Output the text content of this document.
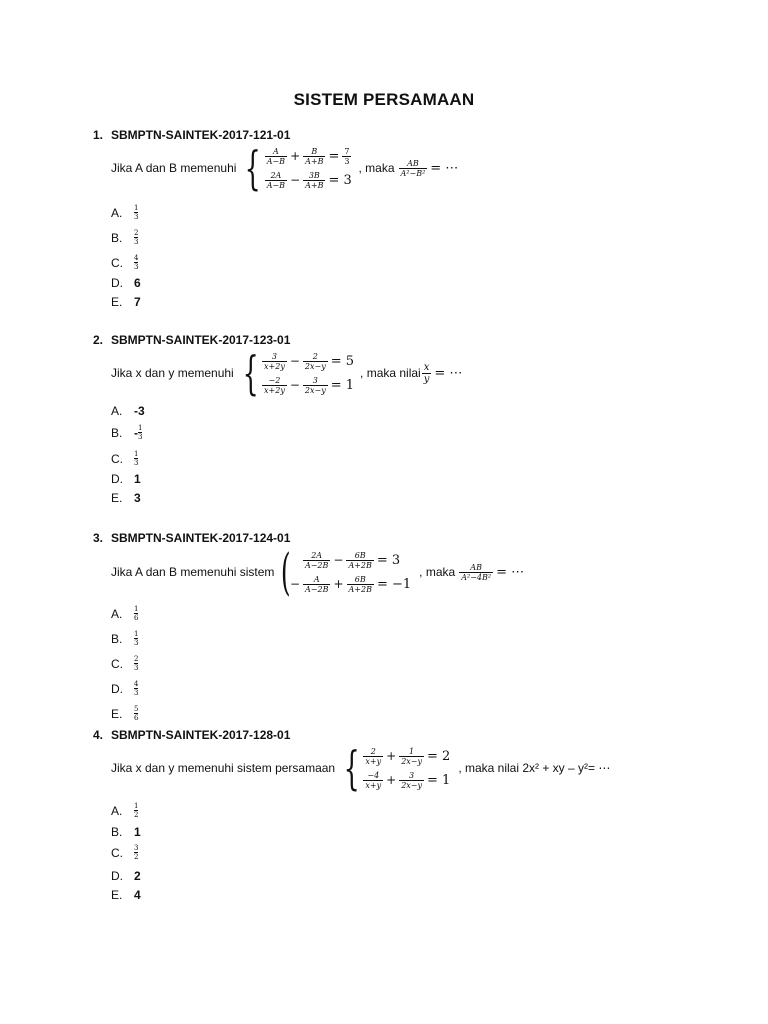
SISTEM PERSAMAAN
1. SBMPTN-SAINTEK-2017-121-01
Jika A dan B memenuhi { $\frac{A}{A-B} + \frac{B}{A+B} = \frac{7}{3}$
$\frac{2A}{A-B} - \frac{3B}{A+B} = 3$
, maka $\frac{AB}{\text{A²−B²}}$ = ⋯
A.	1
3
B.	2
3
C.	4
3
D. 6
E. 7
2. SBMPTN-SAINTEK-2017-123-01
Jika x dan y memenuhi { $\frac{3}{x+2y} - \frac{2}{2x-y} = 5$
$\frac{-2}{x+2y} - \frac{3}{2x-y} = 1$
, maka nilai $\frac{x}{y}$ = ⋯
A. -3
B. - 1
3
C.	1
3
D. 1
E. 3
3. SBMPTN-SAINTEK-2017-124-01
Jika A dan B memenuhi sistem ( $\frac{2A}{A-2B} - \frac{6B}{A+2B} = 3$
− $\frac{A}{A-2B} + \frac{6B}{A+2B} = -1$
, maka $\frac{AB}{\text{A²−4B²}}$ = ⋯
A.	1
6
B.	1
3
C.	2
3
D.	4
3
E.	5
6
4. SBMPTN-SAINTEK-2017-128-01
Jika x dan y memenuhi sistem persamaan { $\frac{2}{x+y} + \frac{1}{2x-y} = 2$
$\frac{-4}{x+y} + \frac{3}{2x-y} = 1$
, maka nilai 2x² + xy – y²= ⋯
A.	1
2
B. 1
C.	3
2
D. 2
E. 4
